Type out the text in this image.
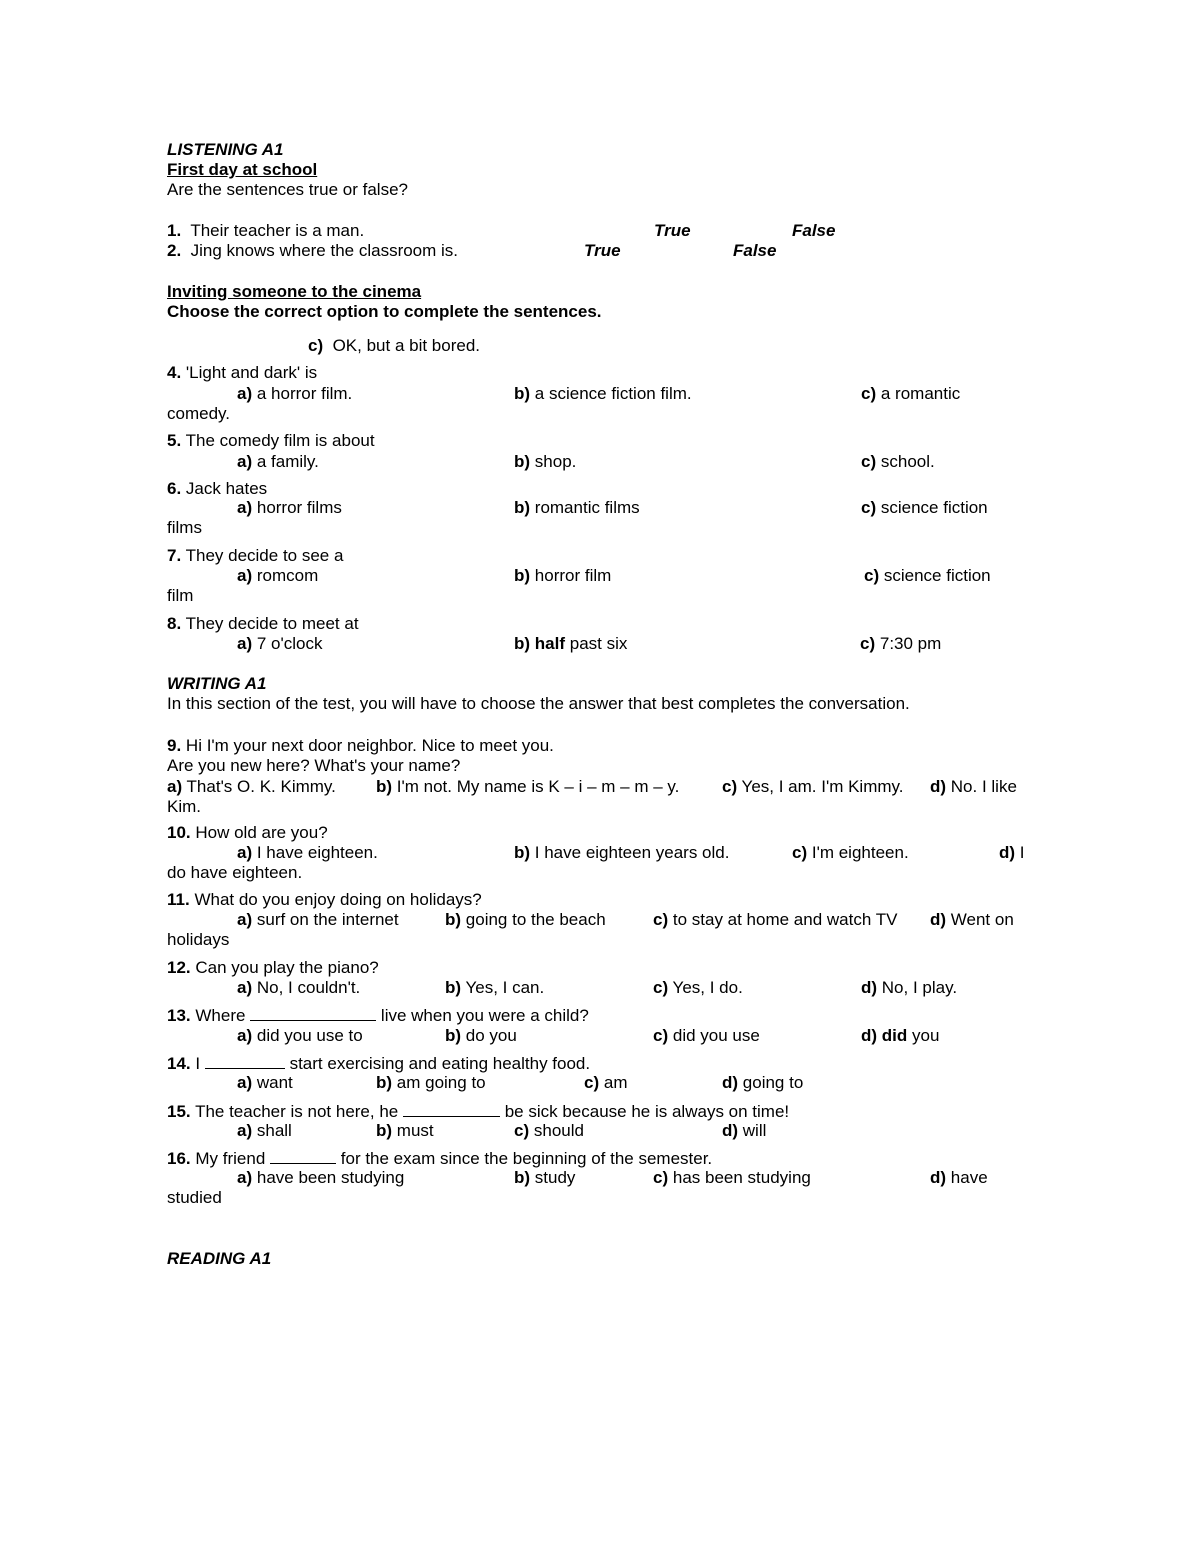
LISTENING A1
First day at school
Are the sentences true or false?
1. Their teacher is a man.	True	False
2. Jing knows where the classroom is.	True	False
Inviting someone to the cinema
Choose the correct option to complete the sentences.
c) OK, but a bit bored.
4. 'Light and dark' is
a) a horror film.	b) a science fiction film.	c) a romantic
comedy.
5. The comedy film is about
a) a family.	b) shop.	c) school.
6. Jack hates
a) horror films	b) romantic films	c) science fiction
films
7. They decide to see a
a) romcom	b) horror film	c) science fiction
film
8. They decide to meet at
a) 7 o'clock	b) half past six	c) 7:30 pm
WRITING A1
In this section of the test, you will have to choose the answer that best completes the conversation.
9. Hi I'm your next door neighbor. Nice to meet you.
Are you new here? What's your name?
a) That's O. K. Kimmy. b) I'm not. My name is K – i – m – m – y.	c) Yes, I am. I'm Kimmy. d) No. I like
Kim.
10. How old are you?
a) I have eighteen.	b) I have eighteen years old.	c) I'm eighteen.	d) I
do have eighteen.
11. What do you enjoy doing on holidays?
a) surf on the internet	b) going to the beach	c) to stay at home and watch TV d) Went on
holidays
12. Can you play the piano?
a) No, I couldn't.	b) Yes, I can.	c) Yes, I do.	d) No, I play.
13. Where	live when you were a child?
a) did you use to	b) do you	c) did you use	d) did you
14. I	start exercising and eating healthy food.
a) want	b) am going to	c) am	d) going to
15. The teacher is not here, he	be sick because he is always on time!
a) shall	b) must	c) should	d) will
16. My friend	for the exam since the beginning of the semester.
a) have been studying	b) study	c) has been studying	d) have
studied
READING A1
